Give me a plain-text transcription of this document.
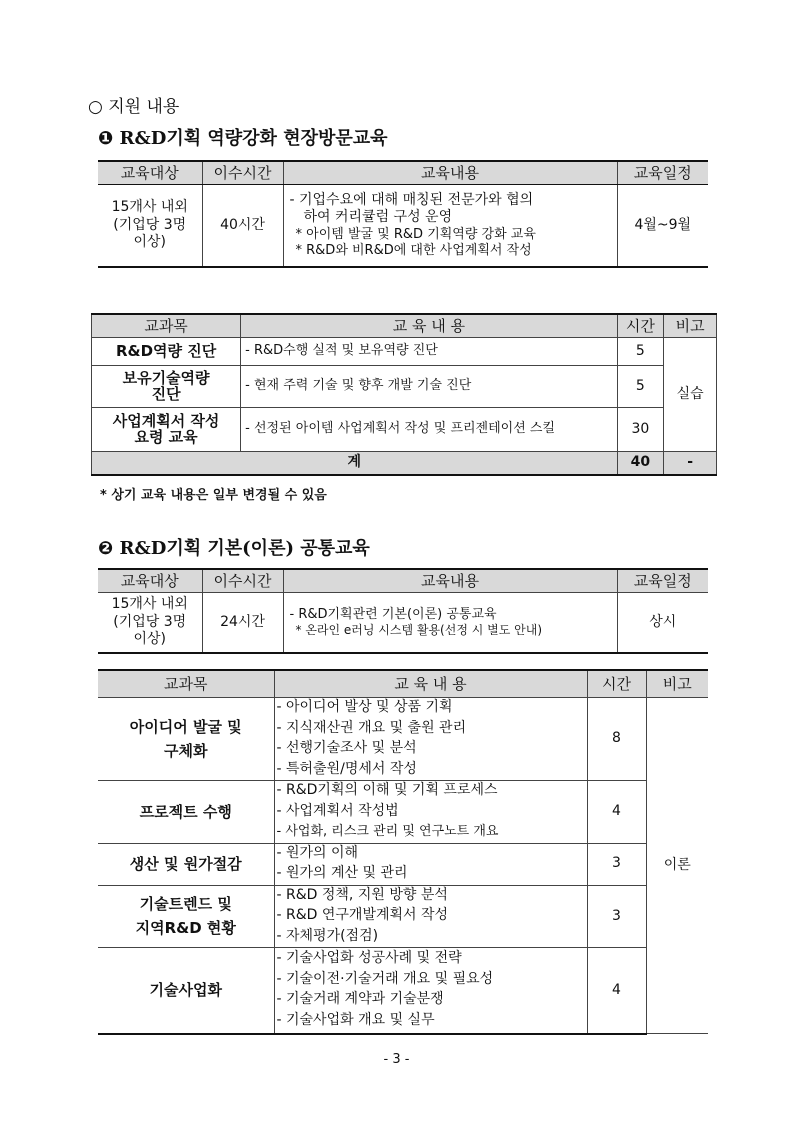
○ 지원 내용
❶ R&D기획 역량강화 현장방문교육
교육대상	이수시간	교육내용	교육일정

15개사 내외
(기업당 3명
이상)	40시간	- 기업수요에 대해 매칭된 전문가와 협의
하여 커리큘럼 구성 운영
* 아이템 발굴 및 R&D 기획역량 강화 교육
* R&D와 비R&D에 대한 사업계획서 작성	4월~9월
교과목	교 육 내 용	시간	비고

R&D역량 진단	- R&D수행 실적 및 보유역량 진단	5	실습

보유기술역량
진단	- 현재 주력 기술 및 향후 개발 기술 진단	5	

사업계획서 작성
요령 교육	- 선정된 아이템 사업계획서 작성 및 프리젠테이션 스킬	30	
계		40	-
* 상기 교육 내용은 일부 변경될 수 있음
❷ R&D기획 기본(이론) 공통교육
교육대상	이수시간	교육내용	교육일정

15개사 내외
(기업당 3명
이상)	24시간	- R&D기획관련 기본(이론) 공통교육
* 온라인 e러닝 시스템 활용(선정 시 별도 안내)	상시
교과목	교 육 내 용	시간	비고

아이디어 발굴 및
구체화	- 아이디어 발상 및 상품 기획
- 지식재산권 개요 및 출원 관리
- 선행기술조사 및 분석
- 특허출원/명세서 작성	8	이론

프로젝트 수행	- R&D기획의 이해 및 기획 프로세스
- 사업계획서 작성법
- 사업화, 리스크 관리 및 연구노트 개요	4	

생산 및 원가절감	- 원가의 이해
- 원가의 계산 및 관리	3	

기술트렌드 및
지역R&D 현황	- R&D 정책, 지원 방향 분석
- R&D 연구개발계획서 작성
- 자체평가(점검)	3	

기술사업화	- 기술사업화 성공사례 및 전략
- 기술이전·기술거래 개요 및 필요성
- 기술거래 계약과 기술분쟁
- 기술사업화 개요 및 실무	4	
- 3 -
